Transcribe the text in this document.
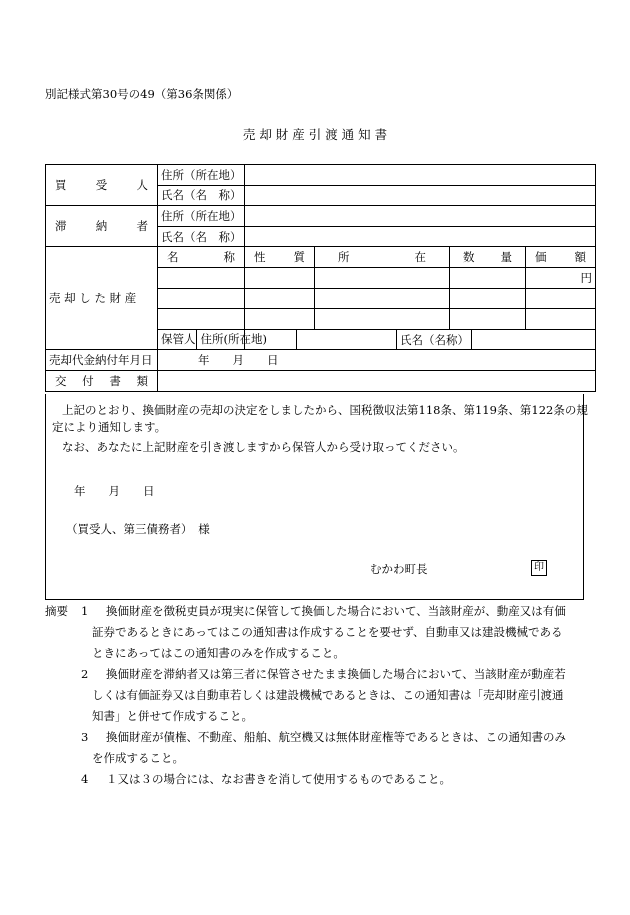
別記様式第30号の49（第36条関係）
売 却 財 産 引 渡 通 知 書
買 受 人	住所（所在地）						
	氏名（名　称）						

滞 納 者	住所（所在地）						
	氏名（名　称）						
売 却 し た 財 産	名 称	性 質	所 在		数 量		価 額

							円

	保管人 住所(所在地)			氏名（名称）			
売却代金納付年月日	年　　月　　日						

交 付 書 類							

上記のとおり、換価財産の売却の決定をしましたから、国税徴収法第118条、第119条、第122条の規
定により通知します。
なお、あなたに上記財産を引き渡しますから保管人から受け取ってください。
年　　月　　日
（買受人、第三債務者）　様
むかわ町長	印
摘要 1 換価財産を徴税吏員が現実に保管して換価した場合において、当該財産が、動産又は有価
証券であるときにあってはこの通知書は作成することを要せず、自動車又は建設機械である
ときにあってはこの通知書のみを作成すること。
2 換価財産を滞納者又は第三者に保管させたまま換価した場合において、当該財産が動産若
しくは有価証券又は自動車若しくは建設機械であるときは、この通知書は「売却財産引渡通
知書」と併せて作成すること。
3 換価財産が債権、不動産、船舶、航空機又は無体財産権等であるときは、この通知書のみ
を作成すること。
4 １又は３の場合には、なお書きを消して使用するものであること。
